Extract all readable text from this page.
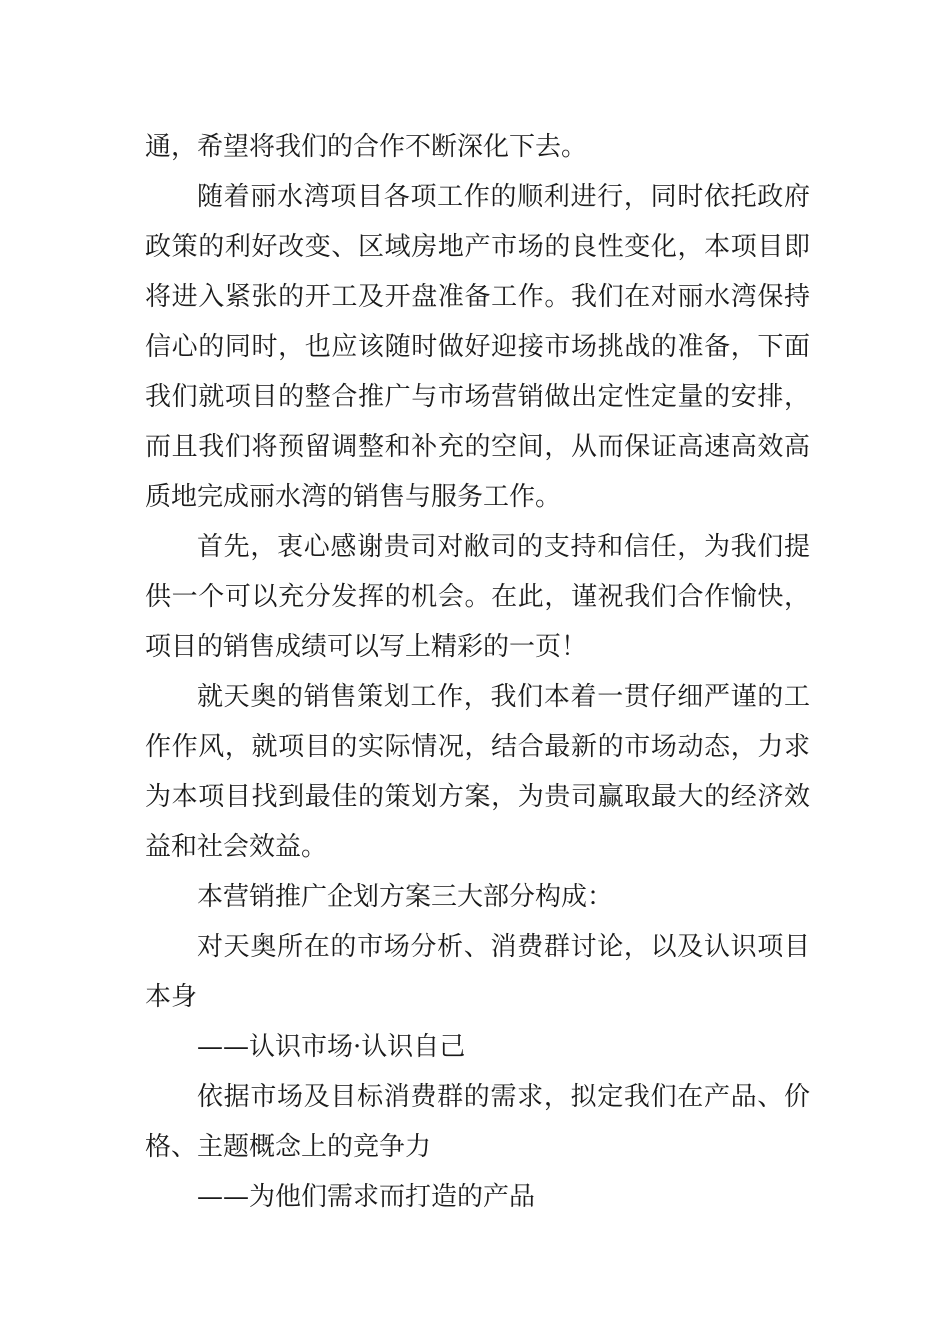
通，希望将我们的合作不断深化下去。

随着丽水湾项目各项工作的顺利进行，同时依托政府政策的利好改变、区域房地产市场的良性变化，本项目即将进入紧张的开工及开盘准备工作。我们在对丽水湾保持信心的同时，也应该随时做好迎接市场挑战的准备，下面我们就项目的整合推广与市场营销做出定性定量的安排，而且我们将预留调整和补充的空间，从而保证高速高效高质地完成丽水湾的销售与服务工作。

首先，衷心感谢贵司对敝司的支持和信任，为我们提供一个可以充分发挥的机会。在此，谨祝我们合作愉快，项目的销售成绩可以写上精彩的一页！

就天奥的销售策划工作，我们本着一贯仔细严谨的工作作风，就项目的实际情况，结合最新的市场动态，力求为本项目找到最佳的策划方案，为贵司赢取最大的经济效益和社会效益。

本营销推广企划方案三大部分构成：

对天奥所在的市场分析、消费群讨论，以及认识项目本身

——认识市场·认识自己

依据市场及目标消费群的需求，拟定我们在产品、价格、主题概念上的竞争力

——为他们需求而打造的产品
